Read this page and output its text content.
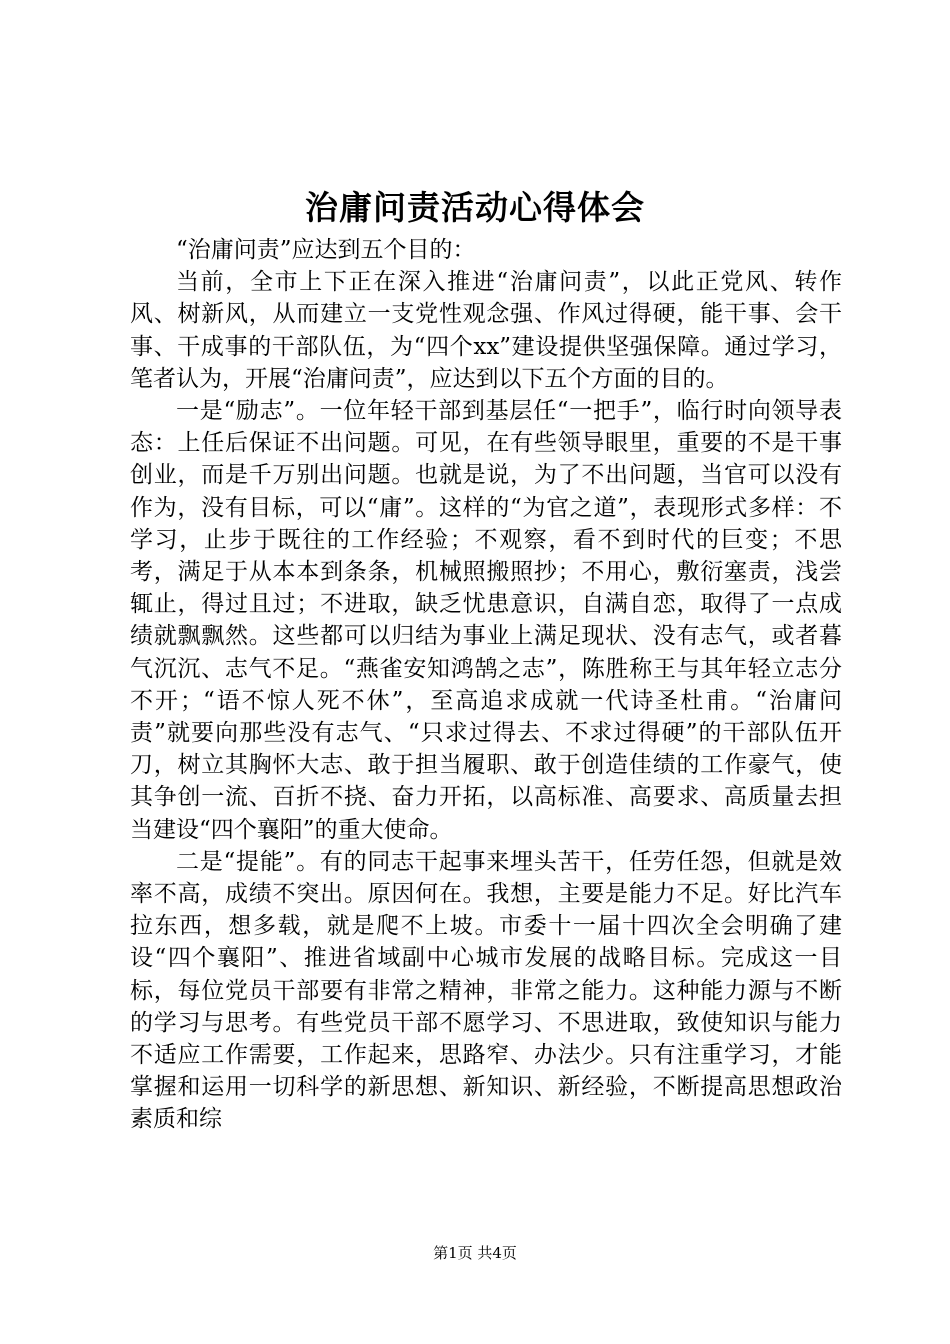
治庸问责活动心得体会

“治庸问责”应达到五个目的：

当前，全市上下正在深入推进“治庸问责”，以此正党风、转作风、树新风，从而建立一支党性观念强、作风过得硬，能干事、会干事、干成事的干部队伍，为“四个xx”建设提供坚强保障。通过学习，笔者认为，开展“治庸问责”，应达到以下五个方面的目的。

一是“励志”。一位年轻干部到基层任“一把手”，临行时向领导表态：上任后保证不出问题。可见，在有些领导眼里，重要的不是干事创业，而是千万别出问题。也就是说，为了不出问题，当官可以没有作为，没有目标，可以“庸”。这样的“为官之道”，表现形式多样：不学习，止步于既往的工作经验；不观察，看不到时代的巨变；不思考，满足于从本本到条条，机械照搬照抄；不用心，敷衍塞责，浅尝辄止，得过且过；不进取，缺乏忧患意识，自满自恋，取得了一点成绩就飘飘然。这些都可以归结为事业上满足现状、没有志气，或者暮气沉沉、志气不足。“燕雀安知鸿鹄之志”，陈胜称王与其年轻立志分不开；“语不惊人死不休”，至高追求成就一代诗圣杜甫。“治庸问责”就要向那些没有志气、“只求过得去、不求过得硬”的干部队伍开刀，树立其胸怀大志、敢于担当履职、敢于创造佳绩的工作豪气，使其争创一流、百折不挠、奋力开拓，以高标准、高要求、高质量去担当建设“四个襄阳”的重大使命。

二是“提能”。有的同志干起事来埋头苦干，任劳任怨，但就是效率不高，成绩不突出。原因何在。我想，主要是能力不足。好比汽车拉东西，想多载，就是爬不上坡。市委十一届十四次全会明确了建设“四个襄阳”、推进省域副中心城市发展的战略目标。完成这一目标，每位党员干部要有非常之精神，非常之能力。这种能力源与不断的学习与思考。有些党员干部不愿学习、不思进取，致使知识与能力不适应工作需要，工作起来，思路窄、办法少。只有注重学习，才能掌握和运用一切科学的新思想、新知识、新经验，不断提高思想政治素质和综

第1页 共4页
